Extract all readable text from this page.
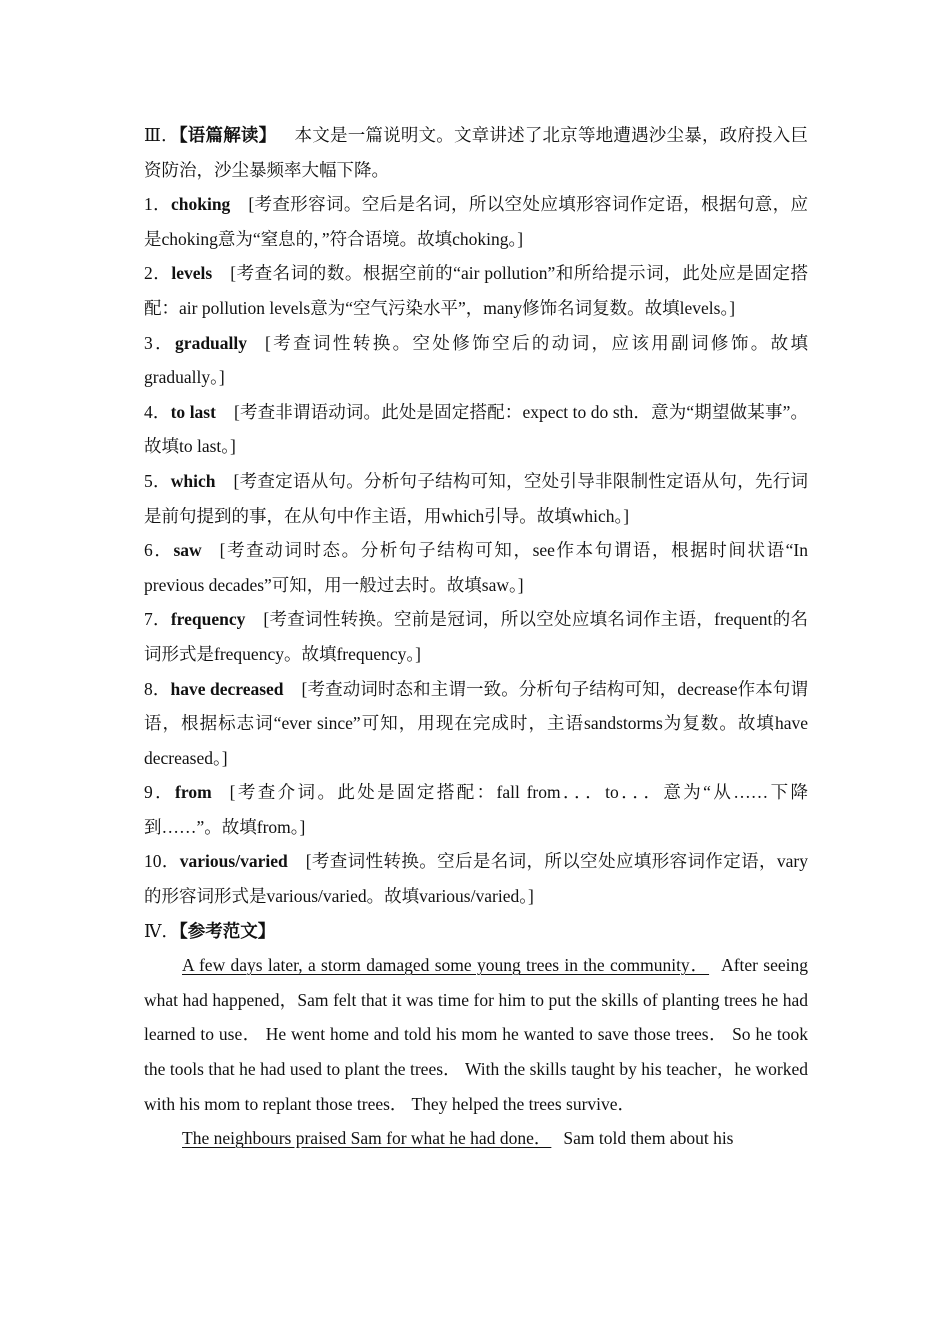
Ⅲ．【语篇解读】 本文是一篇说明文。文章讲述了北京等地遭遇沙尘暴，政府投入巨资防治，沙尘暴频率大幅下降。

1．choking [考查形容词。空后是名词，所以空处应填形容词作定语，根据句意，应是choking意为“窒息的，”符合语境。故填choking。]

2．levels [考查名词的数。根据空前的“air pollution”和所给提示词，此处应是固定搭配：air pollution levels意为“空气污染水平”，many修饰名词复数。故填levels。]

3．gradually [考查词性转换。空处修饰空后的动词，应该用副词修饰。故填gradually。]

4．to last [考查非谓语动词。此处是固定搭配：expect to do sth．意为“期望做某事”。故填to last。]

5．which [考查定语从句。分析句子结构可知，空处引导非限制性定语从句，先行词是前句提到的事，在从句中作主语，用which引导。故填which。]

6．saw [考查动词时态。分析句子结构可知，see作本句谓语，根据时间状语“In previous decades”可知，用一般过去时。故填saw。]

7．frequency [考查词性转换。空前是冠词，所以空处应填名词作主语，frequent的名词形式是frequency。故填frequency。]

8．have decreased [考查动词时态和主谓一致。分析句子结构可知，decrease作本句谓语，根据标志词“ever since”可知，用现在完成时，主语sandstorms为复数。故填have decreased。]

9．from [考查介词。此处是固定搭配：fall from．．．to．．．意为“从……下降到……”。故填from。]

10．various/varied [考查词性转换。空后是名词，所以空处应填形容词作定语，vary的形容词形式是various/varied。故填various/varied。]

Ⅳ．【参考范文】

A few days later, a storm damaged some young trees in the community． After seeing what had happened，Sam felt that it was time for him to put the skills of planting trees he had learned to use． He went home and told his mom he wanted to save those trees． So he took the tools that he had used to plant the trees． With the skills taught by his teacher，he worked with his mom to replant those trees． They helped the trees survive．

The neighbours praised Sam for what he had done． Sam told them about his
